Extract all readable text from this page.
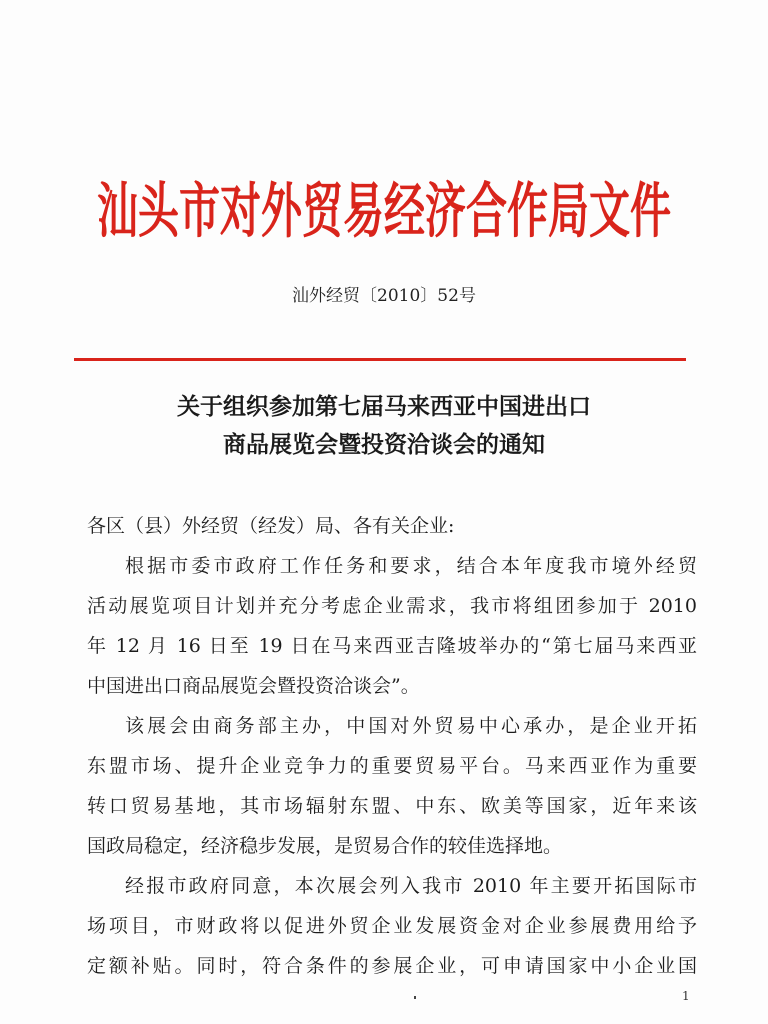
汕头市对外贸易经济合作局文件
汕外经贸〔2010〕52号
关于组织参加第七届马来西亚中国进出口
商品展览会暨投资洽谈会的通知
各区（县）外经贸（经发）局、各有关企业:
根据市委市政府工作任务和要求，结合本年度我市境外经贸
活动展览项目计划并充分考虑企业需求，我市将组团参加于 2010
年 12 月 16 日至 19 日在马来西亚吉隆坡举办的“第七届马来西亚
中国进出口商品展览会暨投资洽谈会”。
该展会由商务部主办，中国对外贸易中心承办，是企业开拓
东盟市场、提升企业竞争力的重要贸易平台。马来西亚作为重要
转口贸易基地，其市场辐射东盟、中东、欧美等国家，近年来该
国政局稳定，经济稳步发展，是贸易合作的较佳选择地。
经报市政府同意，本次展会列入我市 2010 年主要开拓国际市
场项目，市财政将以促进外贸企业发展资金对企业参展费用给予
定额补贴。同时，符合条件的参展企业，可申请国家中小企业国
1
